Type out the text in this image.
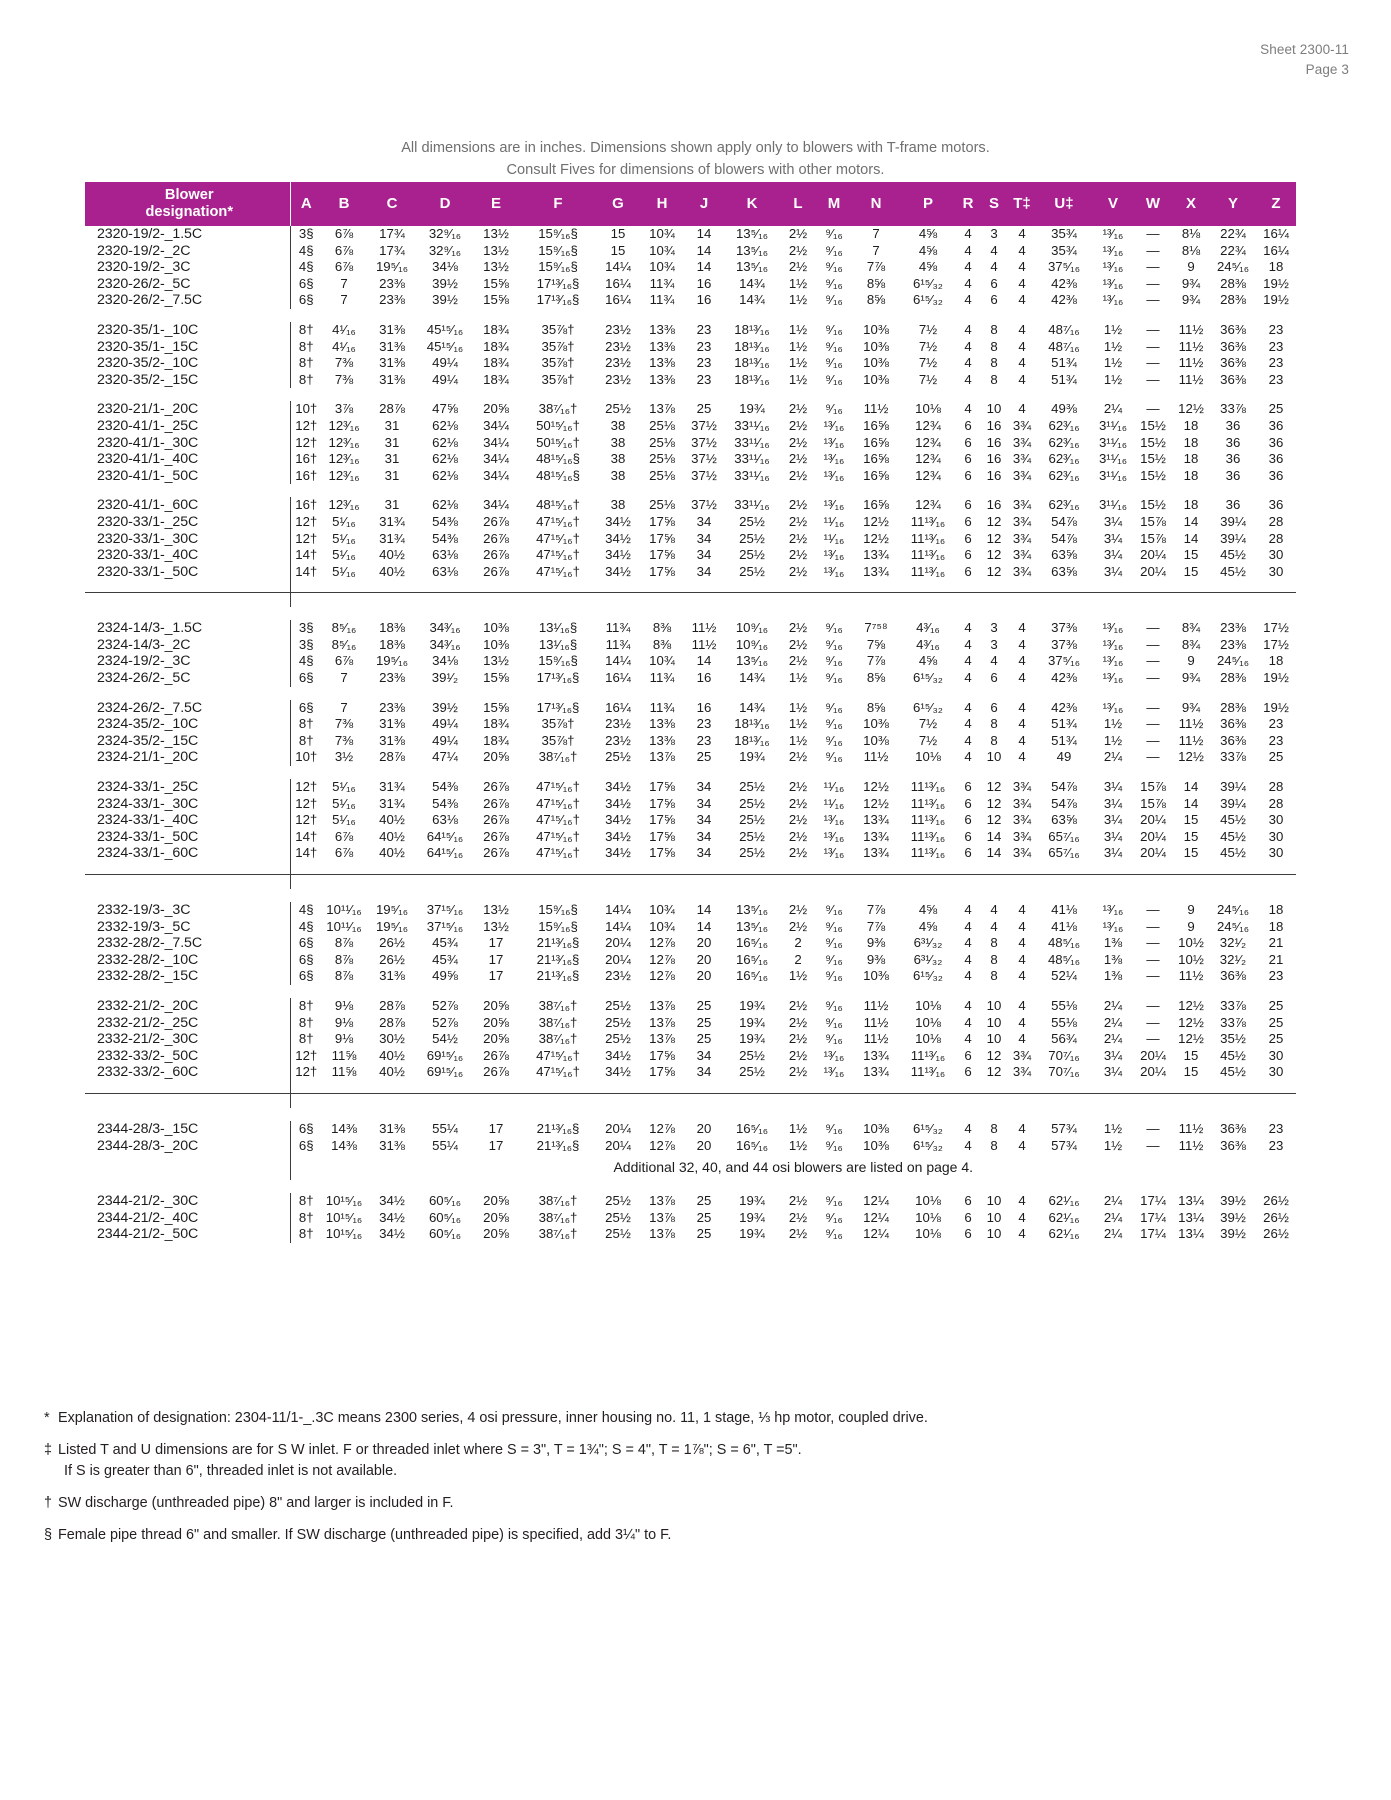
Sheet 2300-11
Page 3
All dimensions are in inches. Dimensions shown apply only to blowers with T-frame motors.
Consult Fives for dimensions of blowers with other motors.
Blower
designation*	A	B	C	D	E	F	G	H	J	K	L	M	N	P	R	S	T‡	U‡	V	W	X	Y	Z
2320-19/2-_1.5C	3§	6⅞	17¾	32⁹⁄₁₆	13½	15⁹⁄₁₆§	15	10¾	14	13⁵⁄₁₆	2½	⁹⁄₁₆	7	4⅝	4	3	4	35¾	¹³⁄₁₆	—	8⅛	22¾	16¼
2320-19/2-_2C	4§	6⅞	17¾	32⁹⁄₁₆	13½	15⁹⁄₁₆§	15	10¾	14	13⁵⁄₁₆	2½	⁹⁄₁₆	7	4⅝	4	4	4	35¾	¹³⁄₁₆	—	8⅛	22¾	16¼
2320-19/2-_3C	4§	6⅞	19⁵⁄₁₆	34⅛	13½	15⁹⁄₁₆§	14¼	10¾	14	13⁵⁄₁₆	2½	⁹⁄₁₆	7⅞	4⅝	4	4	4	37⁵⁄₁₆	¹³⁄₁₆	—	9	24⁵⁄₁₆	18
2320-26/2-_5C	6§	7	23⅜	39½	15⅝	17¹³⁄₁₆§	16¼	11¾	16	14¾	1½	⁹⁄₁₆	8⅝	6¹⁵⁄₃₂	4	6	4	42⅜	¹³⁄₁₆	—	9¾	28⅜	19½
2320-26/2-_7.5C	6§	7	23⅜	39½	15⅝	17¹³⁄₁₆§	16¼	11¾	16	14¾	1½	⁹⁄₁₆	8⅝	6¹⁵⁄₃₂	4	6	4	42⅜	¹³⁄₁₆	—	9¾	28⅜	19½

2320-35/1-_10C	8†	4¹⁄₁₆	31⅜	45¹⁵⁄₁₆	18¾	35⅞†	23½	13⅜	23	18¹³⁄₁₆	1½	⁹⁄₁₆	10⅜	7½	4	8	4	48⁷⁄₁₆	1½	—	11½	36⅜	23
2320-35/1-_15C	8†	4¹⁄₁₆	31⅜	45¹⁵⁄₁₆	18¾	35⅞†	23½	13⅜	23	18¹³⁄₁₆	1½	⁹⁄₁₆	10⅜	7½	4	8	4	48⁷⁄₁₆	1½	—	11½	36⅜	23
2320-35/2-_10C	8†	7⅜	31⅜	49¼	18¾	35⅞†	23½	13⅜	23	18¹³⁄₁₆	1½	⁹⁄₁₆	10⅜	7½	4	8	4	51¾	1½	—	11½	36⅜	23
2320-35/2-_15C	8†	7⅜	31⅜	49¼	18¾	35⅞†	23½	13⅜	23	18¹³⁄₁₆	1½	⁹⁄₁₆	10⅜	7½	4	8	4	51¾	1½	—	11½	36⅜	23

2320-21/1-_20C	10†	3⅞	28⅞	47⅝	20⅝	38⁷⁄₁₆†	25½	13⅞	25	19¾	2½	⁹⁄₁₆	11½	10⅛	4	10	4	49⅜	2¼	—	12½	33⅞	25
2320-41/1-_25C	12†	12³⁄₁₆	31	62⅛	34¼	50¹⁵⁄₁₆†	38	25⅛	37½	33¹¹⁄₁₆	2½	¹³⁄₁₆	16⅝	12¾	6	16	3¾	62³⁄₁₆	3¹¹⁄₁₆	15½	18	36	36
2320-41/1-_30C	12†	12³⁄₁₆	31	62⅛	34¼	50¹⁵⁄₁₆†	38	25⅛	37½	33¹¹⁄₁₆	2½	¹³⁄₁₆	16⅝	12¾	6	16	3¾	62³⁄₁₆	3¹¹⁄₁₆	15½	18	36	36
2320-41/1-_40C	16†	12³⁄₁₆	31	62⅛	34¼	48¹⁵⁄₁₆§	38	25⅛	37½	33¹¹⁄₁₆	2½	¹³⁄₁₆	16⅝	12¾	6	16	3¾	62³⁄₁₆	3¹¹⁄₁₆	15½	18	36	36
2320-41/1-_50C	16†	12³⁄₁₆	31	62⅛	34¼	48¹⁵⁄₁₆§	38	25⅛	37½	33¹¹⁄₁₆	2½	¹³⁄₁₆	16⅝	12¾	6	16	3¾	62³⁄₁₆	3¹¹⁄₁₆	15½	18	36	36

2320-41/1-_60C	16†	12³⁄₁₆	31	62⅛	34¼	48¹⁵⁄₁₆†	38	25⅛	37½	33¹¹⁄₁₆	2½	¹³⁄₁₆	16⅝	12¾	6	16	3¾	62³⁄₁₆	3¹¹⁄₁₆	15½	18	36	36
2320-33/1-_25C	12†	5¹⁄₁₆	31¾	54⅜	26⅞	47¹⁵⁄₁₆†	34½	17⅝	34	25½	2½	¹¹⁄₁₆	12½	11¹³⁄₁₆	6	12	3¾	54⅞	3¼	15⅞	14	39¼	28
2320-33/1-_30C	12†	5¹⁄₁₆	31¾	54⅜	26⅞	47¹⁵⁄₁₆†	34½	17⅝	34	25½	2½	¹¹⁄₁₆	12½	11¹³⁄₁₆	6	12	3¾	54⅞	3¼	15⅞	14	39¼	28
2320-33/1-_40C	14†	5¹⁄₁₆	40½	63⅛	26⅞	47¹⁵⁄₁₆†	34½	17⅝	34	25½	2½	¹³⁄₁₆	13¾	11¹³⁄₁₆	6	12	3¾	63⅝	3¼	20¼	15	45½	30
2320-33/1-_50C	14†	5¹⁄₁₆	40½	63⅛	26⅞	47¹⁵⁄₁₆†	34½	17⅝	34	25½	2½	¹³⁄₁₆	13¾	11¹³⁄₁₆	6	12	3¾	63⅝	3¼	20¼	15	45½	30

2324-14/3-_1.5C	3§	8⁵⁄₁₆	18⅜	34³⁄₁₆	10⅜	13¹⁄₁₆§	11¾	8⅜	11½	10⁹⁄₁₆	2½	⁹⁄₁₆	7⁷⁵⁸	4³⁄₁₆	4	3	4	37⅜	¹³⁄₁₆	—	8¾	23⅜	17½
2324-14/3-_2C	3§	8⁵⁄₁₆	18⅜	34³⁄₁₆	10⅜	13¹⁄₁₆§	11¾	8⅜	11½	10⁹⁄₁₆	2½	⁹⁄₁₆	7⅝	4³⁄₁₆	4	3	4	37⅜	¹³⁄₁₆	—	8¾	23⅜	17½
2324-19/2-_3C	4§	6⅞	19⁵⁄₁₆	34⅛	13½	15⁹⁄₁₆§	14¼	10¾	14	13⁵⁄₁₆	2½	⁹⁄₁₆	7⅞	4⅝	4	4	4	37⁵⁄₁₆	¹³⁄₁₆	—	9	24⁵⁄₁₆	18
2324-26/2-_5C	6§	7	23⅜	39¹⁄₂	15⅝	17¹³⁄₁₆§	16¼	11¾	16	14¾	1½	⁹⁄₁₆	8⅝	6¹⁵⁄₃₂	4	6	4	42⅜	¹³⁄₁₆	—	9¾	28⅜	19½

2324-26/2-_7.5C	6§	7	23⅜	39½	15⅝	17¹³⁄₁₆§	16¼	11¾	16	14¾	1½	⁹⁄₁₆	8⅝	6¹⁵⁄₃₂	4	6	4	42⅜	¹³⁄₁₆	—	9¾	28⅜	19½
2324-35/2-_10C	8†	7⅜	31⅜	49¼	18¾	35⅞†	23½	13⅜	23	18¹³⁄₁₆	1½	⁹⁄₁₆	10⅜	7½	4	8	4	51¾	1½	—	11½	36⅜	23
2324-35/2-_15C	8†	7⅜	31⅜	49¼	18¾	35⅞†	23½	13⅜	23	18¹³⁄₁₆	1½	⁹⁄₁₆	10⅜	7½	4	8	4	51¾	1½	—	11½	36⅜	23
2324-21/1-_20C	10†	3½	28⅞	47¼	20⅝	38⁷⁄₁₆†	25½	13⅞	25	19¾	2½	⁹⁄₁₆	11½	10⅛	4	10	4	49	2¼	—	12½	33⅞	25

2324-33/1-_25C	12†	5¹⁄₁₆	31¾	54⅜	26⅞	47¹⁵⁄₁₆†	34½	17⅝	34	25½	2½	¹¹⁄₁₆	12½	11¹³⁄₁₆	6	12	3¾	54⅞	3¼	15⅞	14	39¼	28
2324-33/1-_30C	12†	5¹⁄₁₆	31¾	54⅜	26⅞	47¹⁵⁄₁₆†	34½	17⅝	34	25½	2½	¹¹⁄₁₆	12½	11¹³⁄₁₆	6	12	3¾	54⅞	3¼	15⅞	14	39¼	28
2324-33/1-_40C	12†	5¹⁄₁₆	40½	63⅛	26⅞	47¹⁵⁄₁₆†	34½	17⅝	34	25½	2½	¹³⁄₁₆	13¾	11¹³⁄₁₆	6	12	3¾	63⅝	3¼	20¼	15	45½	30
2324-33/1-_50C	14†	6⅞	40½	64¹⁵⁄₁₆	26⅞	47¹⁵⁄₁₆†	34½	17⅝	34	25½	2½	¹³⁄₁₆	13¾	11¹³⁄₁₆	6	14	3¾	65⁷⁄₁₆	3¼	20¼	15	45½	30
2324-33/1-_60C	14†	6⅞	40½	64¹⁵⁄₁₆	26⅞	47¹⁵⁄₁₆†	34½	17⅝	34	25½	2½	¹³⁄₁₆	13¾	11¹³⁄₁₆	6	14	3¾	65⁷⁄₁₆	3¼	20¼	15	45½	30

2332-19/3-_3C	4§	10¹¹⁄₁₆	19⁵⁄₁₆	37¹⁵⁄₁₆	13½	15⁹⁄₁₆§	14¼	10¾	14	13⁵⁄₁₆	2½	⁹⁄₁₆	7⅞	4⅝	4	4	4	41⅛	¹³⁄₁₆	—	9	24⁵⁄₁₆	18
2332-19/3-_5C	4§	10¹¹⁄₁₆	19⁵⁄₁₆	37¹⁵⁄₁₆	13½	15⁹⁄₁₆§	14¼	10¾	14	13⁵⁄₁₆	2½	⁹⁄₁₆	7⅞	4⅝	4	4	4	41⅛	¹³⁄₁₆	—	9	24⁵⁄₁₆	18
2332-28/2-_7.5C	6§	8⅞	26½	45¾	17	21¹³⁄₁₆§	20¼	12⅞	20	16⁵⁄₁₆	2	⁹⁄₁₆	9⅜	6³¹⁄₃₂	4	8	4	48⁵⁄₁₆	1⅜	—	10½	32¹⁄₂	21
2332-28/2-_10C	6§	8⅞	26½	45¾	17	21¹³⁄₁₆§	20¼	12⅞	20	16⁵⁄₁₆	2	⁹⁄₁₆	9⅜	6³¹⁄₃₂	4	8	4	48⁵⁄₁₆	1⅜	—	10½	32¹⁄₂	21
2332-28/2-_15C	6§	8⅞	31⅜	49⅝	17	21¹³⁄₁₆§	23½	12⅞	20	16⁵⁄₁₆	1½	⁹⁄₁₆	10⅜	6¹⁵⁄₃₂	4	8	4	52¼	1⅜	—	11½	36⅜	23

2332-21/2-_20C	8†	9⅛	28⅞	52⅞	20⅝	38⁷⁄₁₆†	25½	13⅞	25	19¾	2½	⁹⁄₁₆	11½	10⅛	4	10	4	55⅛	2¼	—	12½	33⅞	25
2332-21/2-_25C	8†	9⅛	28⅞	52⅞	20⅝	38⁷⁄₁₆†	25½	13⅞	25	19¾	2½	⁹⁄₁₆	11½	10⅛	4	10	4	55⅛	2¼	—	12½	33⅞	25
2332-21/2-_30C	8†	9⅛	30½	54½	20⅝	38⁷⁄₁₆†	25½	13⅞	25	19¾	2½	⁹⁄₁₆	11½	10⅛	4	10	4	56¾	2¼	—	12½	35½	25
2332-33/2-_50C	12†	11⅝	40½	69¹⁵⁄₁₆	26⅞	47¹⁵⁄₁₆†	34½	17⅝	34	25½	2½	¹³⁄₁₆	13¾	11¹³⁄₁₆	6	12	3¾	70⁷⁄₁₆	3¼	20¼	15	45½	30
2332-33/2-_60C	12†	11⅝	40½	69¹⁵⁄₁₆	26⅞	47¹⁵⁄₁₆†	34½	17⅝	34	25½	2½	¹³⁄₁₆	13¾	11¹³⁄₁₆	6	12	3¾	70⁷⁄₁₆	3¼	20¼	15	45½	30

2344-28/3-_15C	6§	14⅜	31⅜	55¼	17	21¹³⁄₁₆§	20¼	12⅞	20	16⁵⁄₁₆	1½	⁹⁄₁₆	10⅜	6¹⁵⁄₃₂	4	8	4	57¾	1½	—	11½	36⅜	23
2344-28/3-_20C	6§	14⅜	31⅜	55¼	17	21¹³⁄₁₆§	20¼	12⅞	20	16⁵⁄₁₆	1½	⁹⁄₁₆	10⅜	6¹⁵⁄₃₂	4	8	4	57¾	1½	—	11½	36⅜	23
	Additional 32, 40, and 44 osi blowers are listed on page 4.																						

2344-21/2-_30C	8†	10¹⁵⁄₁₆	34½	60⁵⁄₁₆	20⅝	38⁷⁄₁₆†	25½	13⅞	25	19¾	2½	⁹⁄₁₆	12¼	10⅛	6	10	4	62¹⁄₁₆	2¼	17¼	13¼	39½	26½
2344-21/2-_40C	8†	10¹⁵⁄₁₆	34½	60⁵⁄₁₆	20⅝	38⁷⁄₁₆†	25½	13⅞	25	19¾	2½	⁹⁄₁₆	12¼	10⅛	6	10	4	62¹⁄₁₆	2¼	17¼	13¼	39½	26½
2344-21/2-_50C	8†	10¹⁵⁄₁₆	34½	60⁵⁄₁₆	20⅝	38⁷⁄₁₆†	25½	13⅞	25	19¾	2½	⁹⁄₁₆	12¼	10⅛	6	10	4	62¹⁄₁₆	2¼	17¼	13¼	39½	26½
* Explanation of designation: 2304-11/1-_.3C means 2300 series, 4 osi pressure, inner housing no. 11, 1 stage, ⅓ hp motor, coupled drive.
‡ Listed T and U dimensions are for S W inlet. F or threaded inlet where S = 3", T = 1¾"; S = 4", T = 1⅞"; S = 6", T =5".
If S is greater than 6", threaded inlet is not available.
† SW discharge (unthreaded pipe) 8" and larger is included in F.
§ Female pipe thread 6" and smaller. If SW discharge (unthreaded pipe) is specified, add 3¼" to F.
